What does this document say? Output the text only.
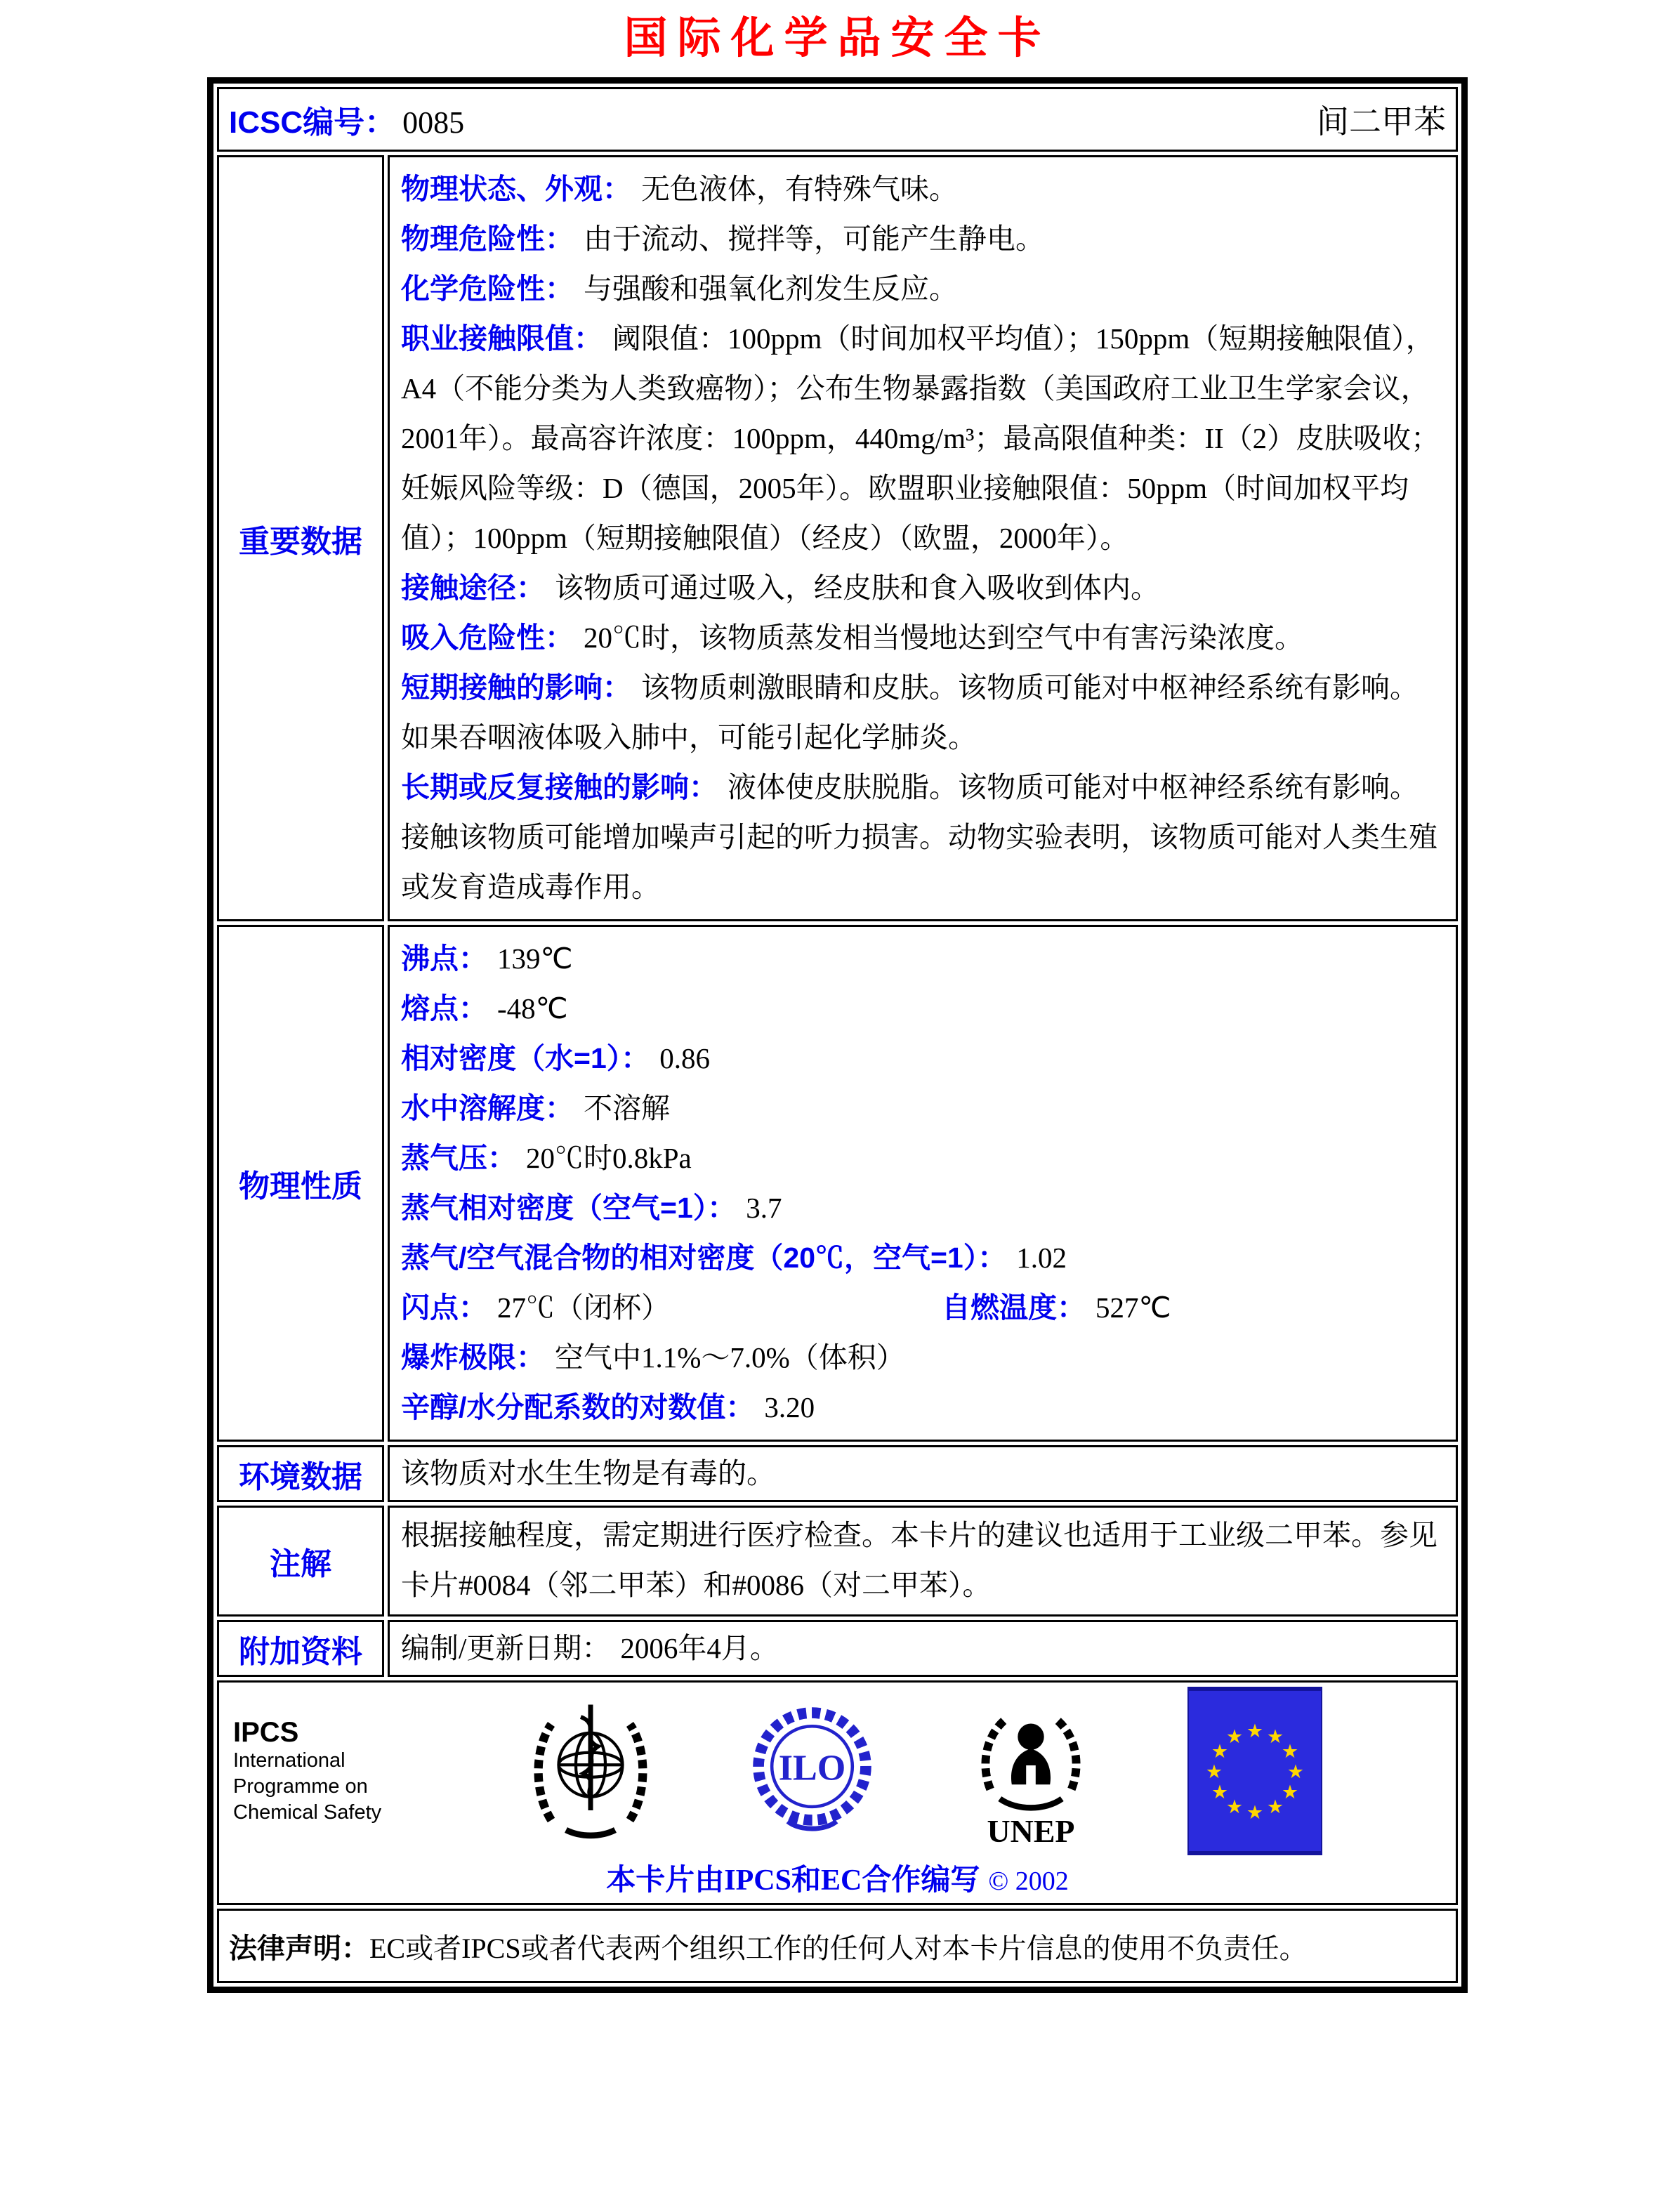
国际化学品安全卡
ICSC编号： 0085 间二甲苯	

重要数据	
物理状态、外观： 无色液体，有特殊气味。
物理危险性： 由于流动、搅拌等，可能产生静电。
化学危险性： 与强酸和强氧化剂发生反应。
职业接触限值： 阈限值：100ppm（时间加权平均值）；150ppm（短期接触限值），A4（不能分类为人类致癌物）；公布生物暴露指数（美国政府工业卫生学家会议，2001年）。最高容许浓度：100ppm，440mg/m³；最高限值种类：II（2）皮肤吸收；妊娠风险等级：D（德国，2005年）。欧盟职业接触限值：50ppm（时间加权平均值）；100ppm（短期接触限值）（经皮）（欧盟，2000年）。
接触途径： 该物质可通过吸入，经皮肤和食入吸收到体内。
吸入危险性： 20℃时，该物质蒸发相当慢地达到空气中有害污染浓度。
短期接触的影响： 该物质刺激眼睛和皮肤。该物质可能对中枢神经系统有影响。如果吞咽液体吸入肺中，可能引起化学肺炎。
长期或反复接触的影响： 液体使皮肤脱脂。该物质可能对中枢神经系统有影响。接触该物质可能增加噪声引起的听力损害。动物实验表明，该物质可能对人类生殖或发育造成毒作用。

物理性质	
沸点： 139℃
熔点： -48℃
相对密度（水=1）： 0.86
水中溶解度： 不溶解
蒸气压： 20℃时0.8kPa
蒸气相对密度（空气=1）： 3.7
蒸气/空气混合物的相对密度（20℃，空气=1）： 1.02
闪点： 27℃（闭杯）	自燃温度： 527℃
爆炸极限： 空气中1.1%～7.0%（体积）
辛醇/水分配系数的对数值： 3.20

环境数据	该物质对水生生物是有毒的。

注解	根据接触程度，需定期进行医疗检查。本卡片的建议也适用于工业级二甲苯。参见卡片#0084（邻二甲苯）和#0086（对二甲苯）。

附加资料	编制/更新日期： 2006年4月。

IPCS
International
Programme on
Chemical Safety
ILO
UNEP
★ ★
★
★
★
★
★
★
★
★
★
★
本卡片由IPCS和EC合作编写 © 2002

法律声明：EC或者IPCS或者代表两个组织工作的任何人对本卡片信息的使用不负责任。	
